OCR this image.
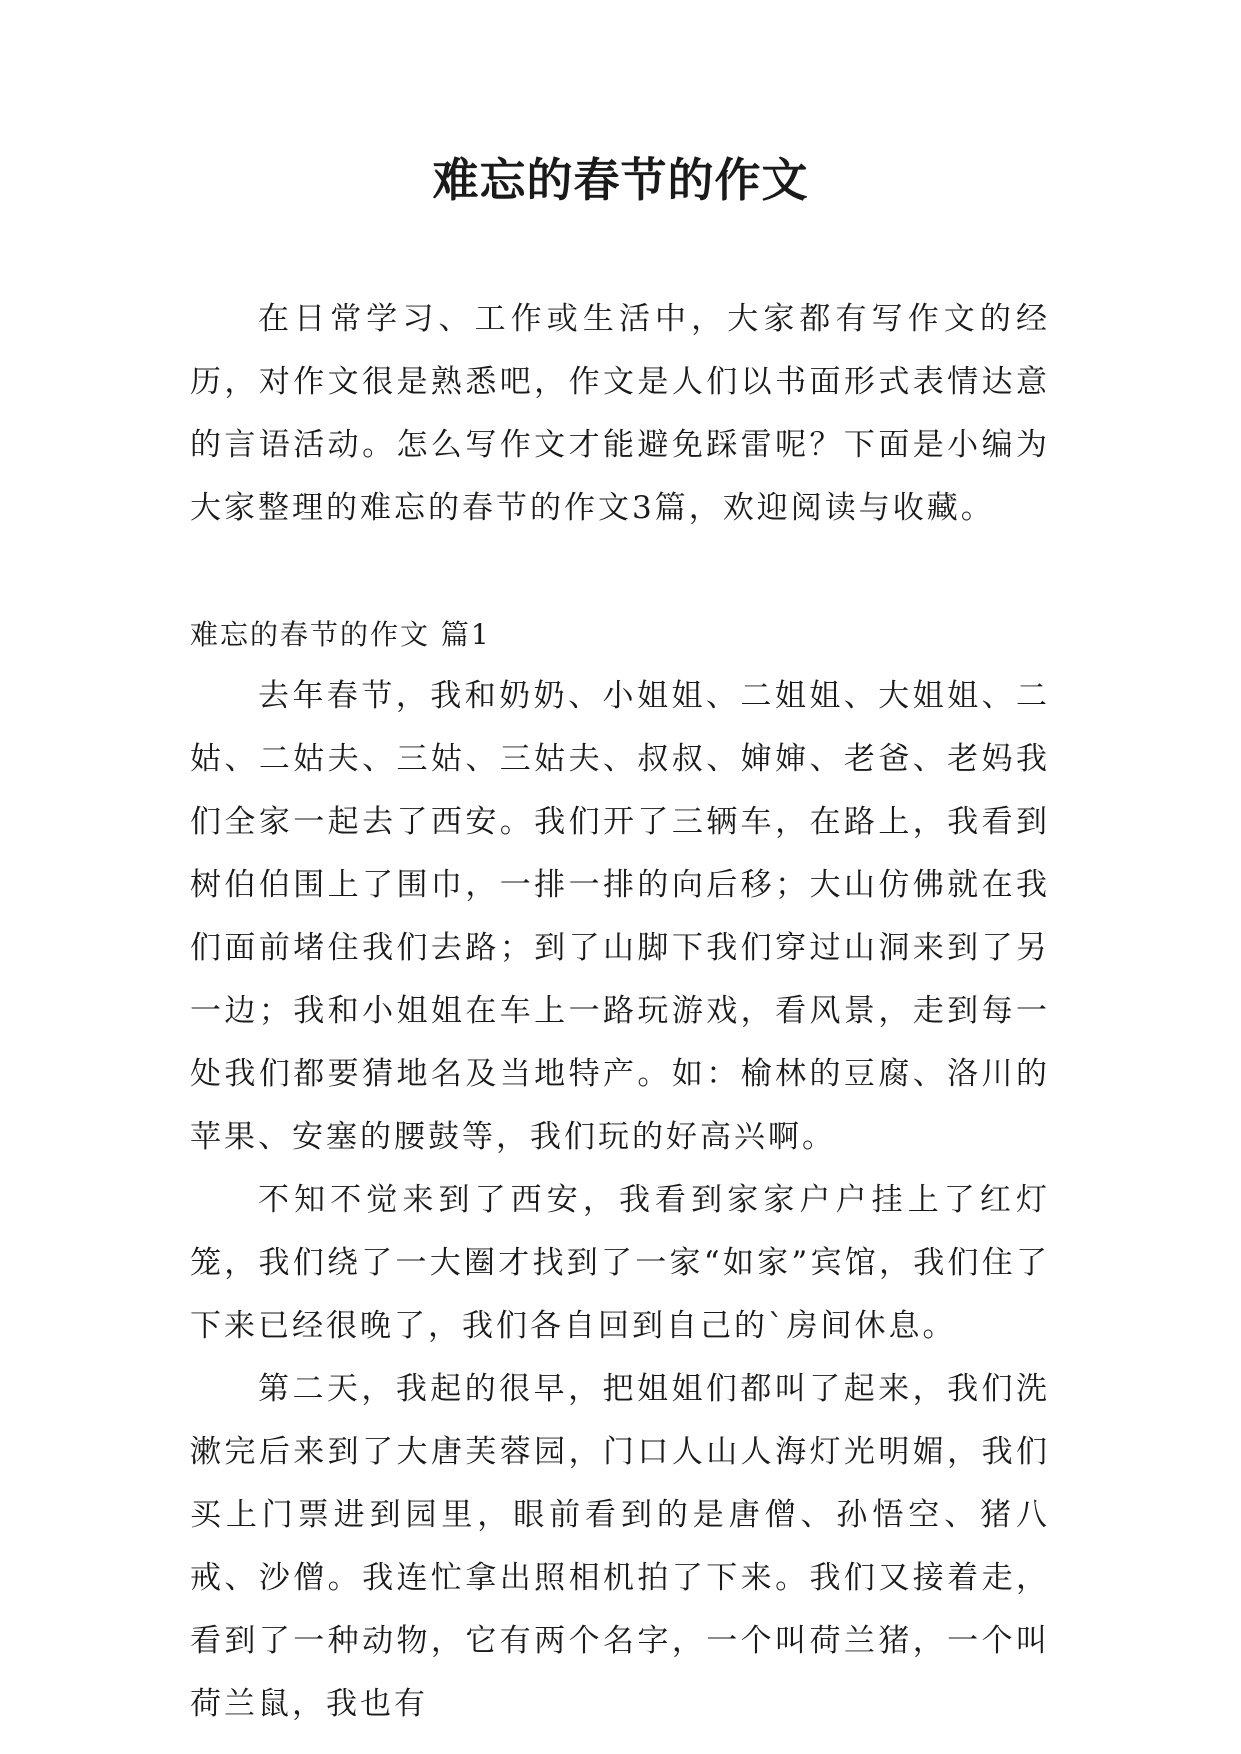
难忘的春节的作文

在日常学习、工作或生活中，大家都有写作文的经历，对作文很是熟悉吧，作文是人们以书面形式表情达意的言语活动。怎么写作文才能避免踩雷呢？下面是小编为大家整理的难忘的春节的作文3篇，欢迎阅读与收藏。

难忘的春节的作文 篇1

去年春节，我和奶奶、小姐姐、二姐姐、大姐姐、二姑、二姑夫、三姑、三姑夫、叔叔、婶婶、老爸、老妈我们全家一起去了西安。我们开了三辆车，在路上，我看到树伯伯围上了围巾，一排一排的向后移；大山仿佛就在我们面前堵住我们去路；到了山脚下我们穿过山洞来到了另一边；我和小姐姐在车上一路玩游戏，看风景，走到每一处我们都要猜地名及当地特产。如：榆林的豆腐、洛川的苹果、安塞的腰鼓等，我们玩的好高兴啊。

不知不觉来到了西安，我看到家家户户挂上了红灯笼，我们绕了一大圈才找到了一家“如家”宾馆，我们住了下来已经很晚了，我们各自回到自己的`房间休息。

第二天，我起的很早，把姐姐们都叫了起来，我们洗漱完后来到了大唐芙蓉园，门口人山人海灯光明媚，我们买上门票进到园里，眼前看到的是唐僧、孙悟空、猪八戒、沙僧。我连忙拿出照相机拍了下来。我们又接着走，看到了一种动物，它有两个名字，一个叫荷兰猪，一个叫荷兰鼠，我也有
